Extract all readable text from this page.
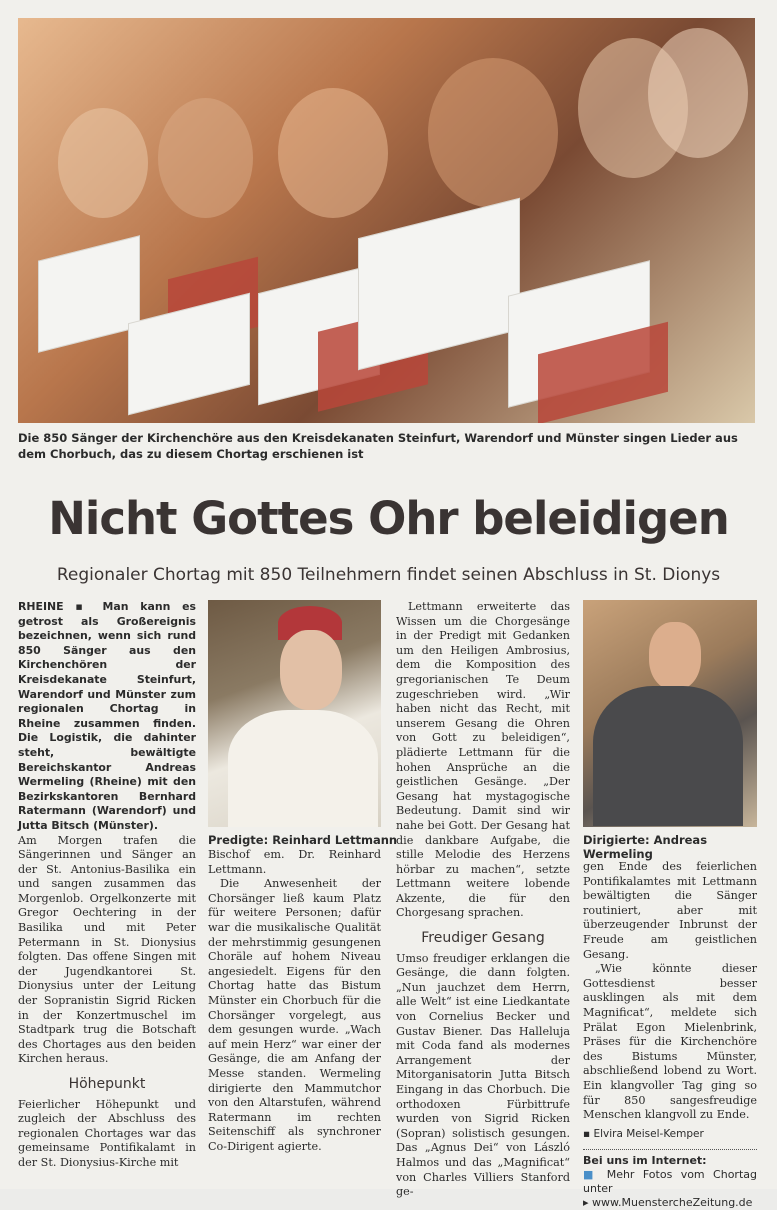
Die 850 Sänger der Kirchenchöre aus den Kreisdekanaten Steinfurt, Warendorf und Münster singen Lieder aus dem Chorbuch, das zu diesem Chortag erschienen ist
Nicht Gottes Ohr beleidigen
Regionaler Chortag mit 850 Teilnehmern findet seinen Abschluss in St. Dionys
RHEINE ▪ Man kann es getrost als Großereignis bezeichnen, wenn sich rund 850 Sänger aus den Kirchenchören der Kreisdekanate Steinfurt, Warendorf und Münster zum regionalen Chortag in Rheine zusammen finden. Die Logistik, die dahinter steht, bewältigte Bereichskantor Andreas Wermeling (Rheine) mit den Bezirkskantoren Bernhard Ratermann (Warendorf) und Jutta Bitsch (Münster).
Am Morgen trafen die Sängerinnen und Sänger an der St. Antonius-Basilika ein und sangen zusammen das Morgenlob. Orgelkonzerte mit Gregor Oechtering in der Basilika und mit Peter Petermann in St. Dionysius folgten. Das offene Singen mit der Jugendkantorei St. Dionysius unter der Leitung der Sopranistin Sigrid Ricken in der Konzertmuschel im Stadtpark trug die Botschaft des Chortages aus den beiden Kirchen heraus.
Höhepunkt
Feierlicher Höhepunkt und zugleich der Abschluss des regionalen Chortages war das gemeinsame Pontifikalamt in der St. Dionysius-Kirche mit
Predigte: Reinhard Lettmann
Bischof em. Dr. Reinhard Lettmann.
Die Anwesenheit der Chorsänger ließ kaum Platz für weitere Personen; dafür war die musikalische Qualität der mehrstimmig gesungenen Choräle auf hohem Niveau angesiedelt. Eigens für den Chortag hatte das Bistum Münster ein Chorbuch für die Chorsänger vorgelegt, aus dem gesungen wurde. „Wach auf mein Herz“ war einer der Gesänge, die am Anfang der Messe standen. Wermeling dirigierte den Mammutchor von den Altarstufen, während Ratermann im rechten Seitenschiff als synchroner Co-Dirigent agierte.
Lettmann erweiterte das Wissen um die Chorgesänge in der Predigt mit Gedanken um den Heiligen Ambrosius, dem die Komposition des gregorianischen Te Deum zugeschrieben wird. „Wir haben nicht das Recht, mit unserem Gesang die Ohren von Gott zu beleidigen“, plädierte Lettmann für die hohen Ansprüche an die geistlichen Gesänge. „Der Gesang hat mystagogische Bedeutung. Damit sind wir nahe bei Gott. Der Gesang hat die dankbare Aufgabe, die stille Melodie des Herzens hörbar zu machen“, setzte Lettmann weitere lobende Akzente, die für den Chorgesang sprachen.
Freudiger Gesang
Umso freudiger erklangen die Gesänge, die dann folgten. „Nun jauchzet dem Herrn, alle Welt“ ist eine Liedkantate von Cornelius Becker und Gustav Biener. Das Halleluja mit Coda fand als modernes Arrangement der Mitorganisatorin Jutta Bitsch Eingang in das Chorbuch. Die orthodoxen Fürbittrufe wurden von Sigrid Ricken (Sopran) solistisch gesungen. Das „Agnus Dei“ von László Halmos und das „Magnificat“ von Charles Villiers Stanford ge-
Dirigierte: Andreas Wermeling
gen Ende des feierlichen Pontifikalamtes mit Lettmann bewältigten die Sänger routiniert, aber mit überzeugender Inbrunst der Freude am geistlichen Gesang.
„Wie könnte dieser Gottesdienst besser ausklingen als mit dem Magnificat“, meldete sich Prälat Egon Mielenbrink, Präses für die Kirchenchöre des Bistums Münster, abschließend lobend zu Wort. Ein klangvoller Tag ging so für 850 sangesfreudige Menschen klangvoll zu Ende.
▪ Elvira Meisel-Kemper
Bei uns im Internet:
■ Mehr Fotos vom Chortag unter
▸ www.MuenstercheZeitung.de
